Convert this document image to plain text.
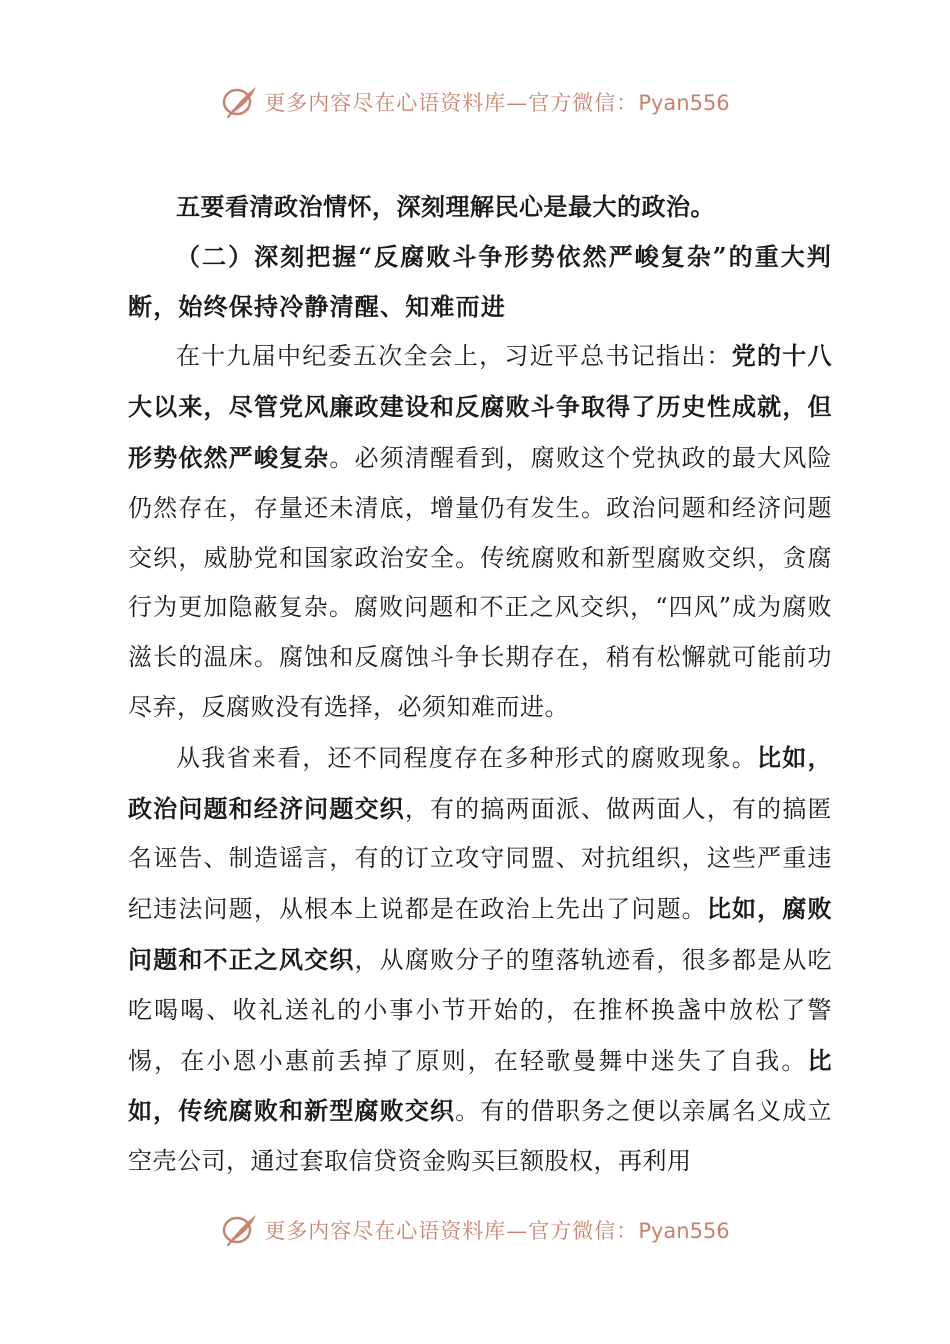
更多内容尽在心语资料库—官方微信：Pyan556

五要看清政治情怀，深刻理解民心是最大的政治。

（二）深刻把握“反腐败斗争形势依然严峻复杂”的重大判断，始终保持冷静清醒、知难而进

在十九届中纪委五次全会上，习近平总书记指出：党的十八大以来，尽管党风廉政建设和反腐败斗争取得了历史性成就，但形势依然严峻复杂。必须清醒看到，腐败这个党执政的最大风险仍然存在，存量还未清底，增量仍有发生。政治问题和经济问题交织，威胁党和国家政治安全。传统腐败和新型腐败交织，贪腐行为更加隐蔽复杂。腐败问题和不正之风交织，“四风”成为腐败滋长的温床。腐蚀和反腐蚀斗争长期存在，稍有松懈就可能前功尽弃，反腐败没有选择，必须知难而进。

从我省来看，还不同程度存在多种形式的腐败现象。比如，政治问题和经济问题交织，有的搞两面派、做两面人，有的搞匿名诬告、制造谣言，有的订立攻守同盟、对抗组织，这些严重违纪违法问题，从根本上说都是在政治上先出了问题。比如，腐败问题和不正之风交织，从腐败分子的堕落轨迹看，很多都是从吃吃喝喝、收礼送礼的小事小节开始的，在推杯换盏中放松了警惕，在小恩小惠前丢掉了原则，在轻歌曼舞中迷失了自我。比如，传统腐败和新型腐败交织。有的借职务之便以亲属名义成立空壳公司，通过套取信贷资金购买巨额股权，再利用

更多内容尽在心语资料库—官方微信：Pyan556
